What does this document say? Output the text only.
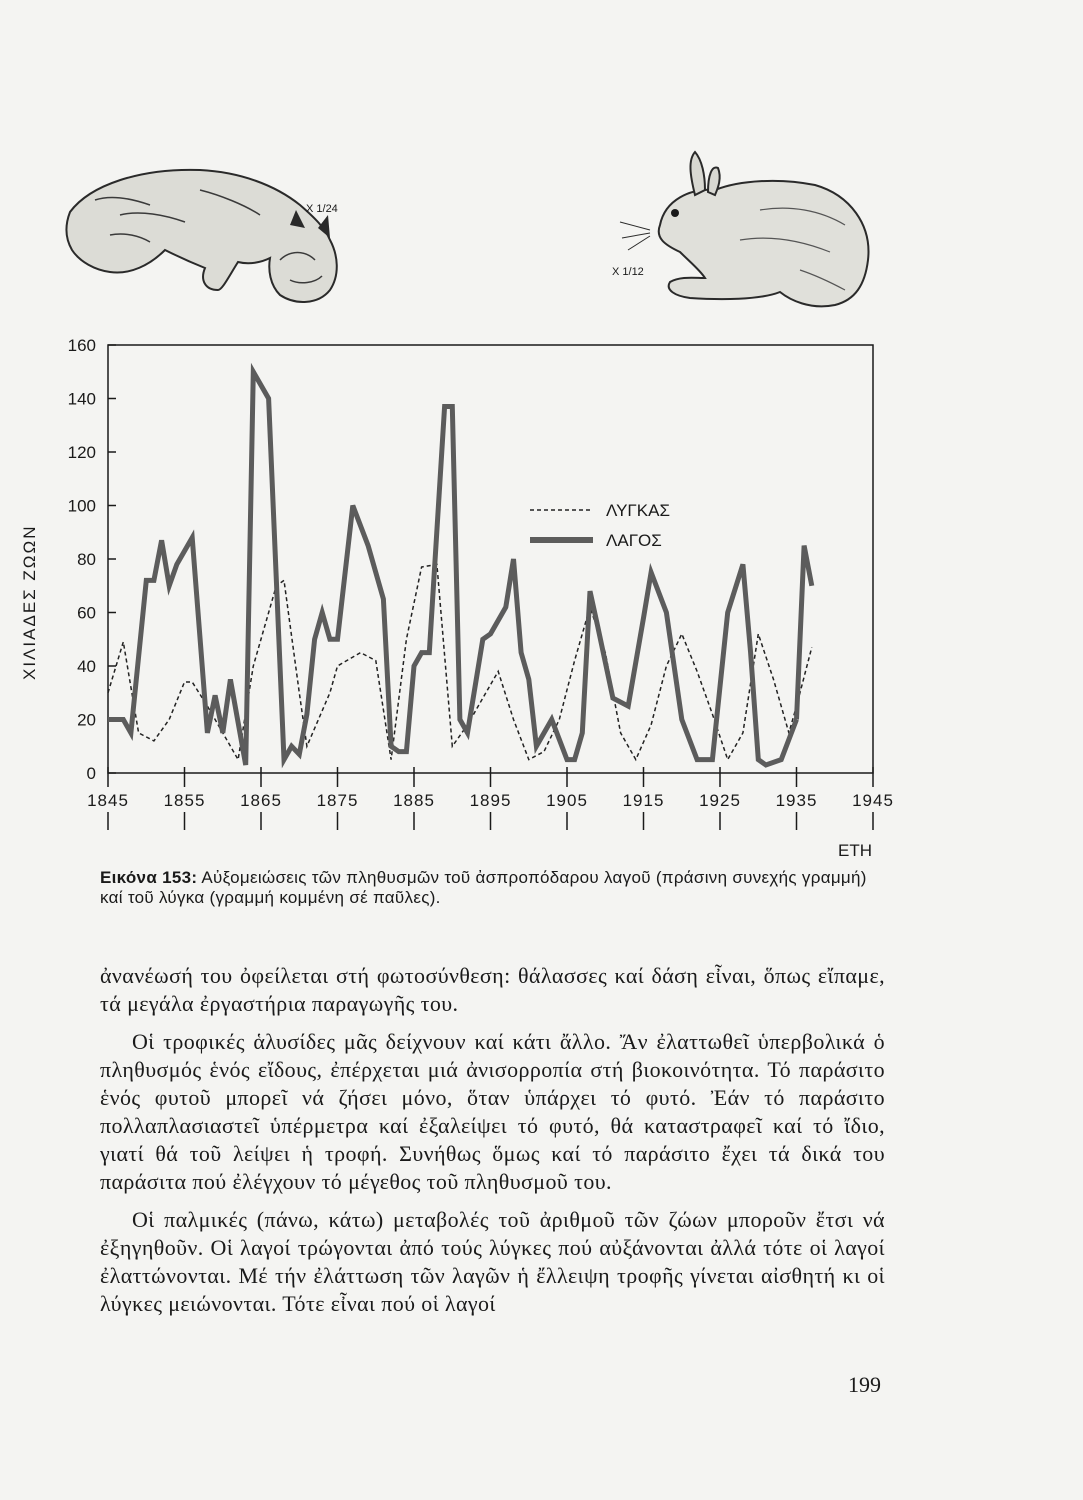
X 1/24
X 1/12
0
20
40
60
80
100
120
140
160
1845 1855 1865 1875 1885 1895 1905 1915 1925 1935 1945
ΛΥΓΚΑΣ
ΛΑΓΟΣ
ΕΤΗ
ΧΙΛΙΑΔΕΣ ΖΩΩΝ
Εικόνα 153: Αὐξομειώσεις τῶν πληθυσμῶν τοῦ ἀσπροπόδαρου λαγοῦ (πράσινη συνεχής γραμμή) καί τοῦ λύγκα (γραμμή κομμένη σέ παῦλες).

ἀνανέωσή του ὀφείλεται στή φωτοσύνθεση: θάλασσες καί δάση εἶναι, ὅπως εἴπαμε, τά μεγάλα ἐργαστήρια παραγωγῆς του.

Οἱ τροφικές ἁλυσίδες μᾶς δείχνουν καί κάτι ἄλλο. Ἄν ἐλαττωθεῖ ὑπερβολικά ὁ πληθυσμός ἑνός εἴδους, ἐπέρχεται μιά ἀνισορροπία στή βιοκοινότητα. Τό παράσιτο ἑνός φυτοῦ μπορεῖ νά ζήσει μόνο, ὅταν ὑπάρχει τό φυτό. Ἐάν τό παράσιτο πολλαπλασιαστεῖ ὑπέρμετρα καί ἐξαλείψει τό φυτό, θά καταστραφεῖ καί τό ἴδιο, γιατί θά τοῦ λείψει ἡ τροφή. Συνήθως ὅμως καί τό παράσιτο ἔχει τά δικά του παράσιτα πού ἐλέγχουν τό μέγεθος τοῦ πληθυσμοῦ του.

Οἱ παλμικές (πάνω, κάτω) μεταβολές τοῦ ἀριθμοῦ τῶν ζώων μποροῦν ἔτσι νά ἐξηγηθοῦν. Οἱ λαγοί τρώγονται ἀπό τούς λύγκες πού αὐξάνονται ἀλλά τότε οἱ λαγοί ἐλαττώνονται. Μέ τήν ἐλάττωση τῶν λαγῶν ἡ ἔλλειψη τροφῆς γίνεται αἰσθητή κι οἱ λύγκες μειώνονται. Τότε εἶναι πού οἱ λαγοί

199
